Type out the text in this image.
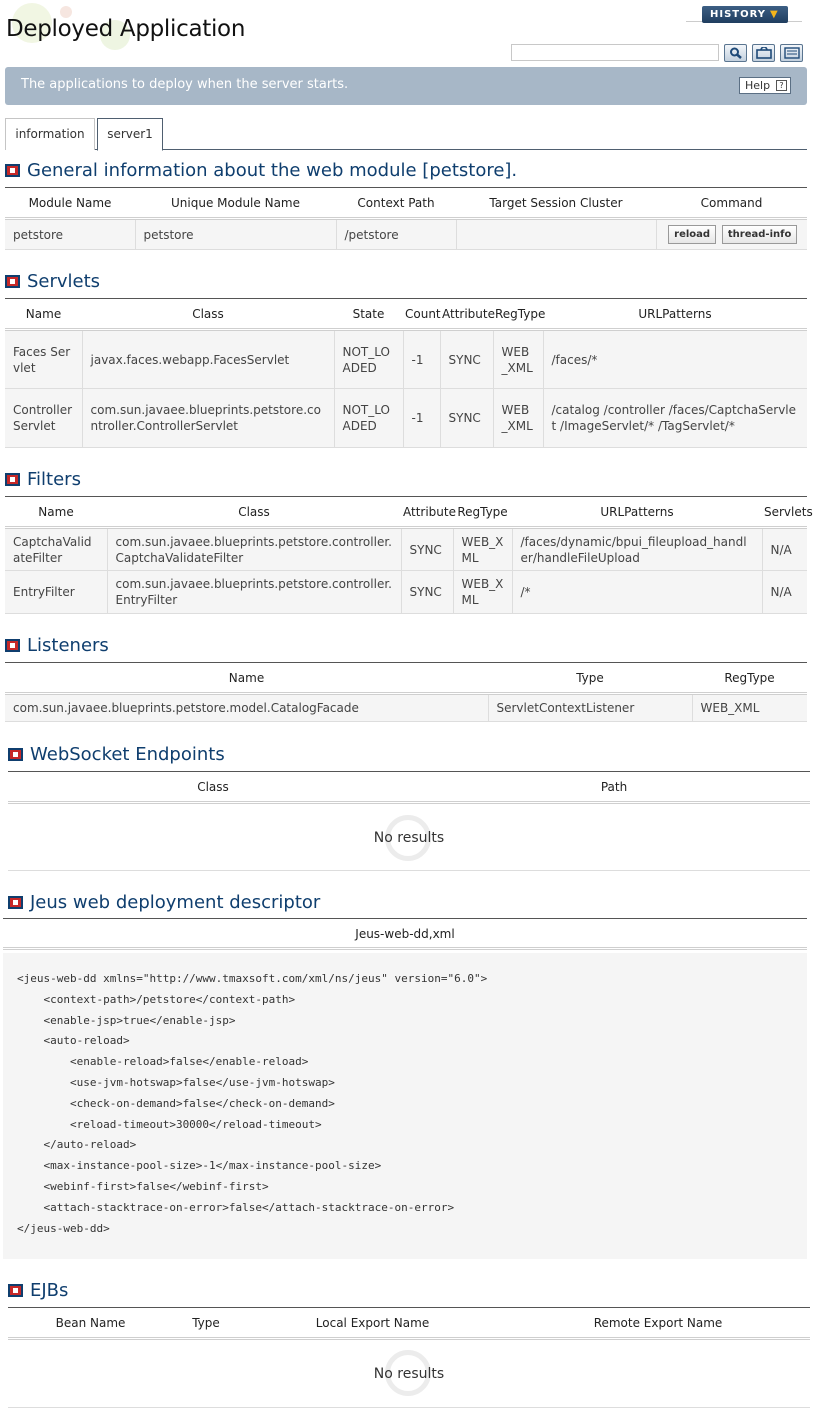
Deployed Application
HISTORY ▼
The applications to deploy when the server starts.	Help	?
information	server1
General information about the web module [petstore].
Module Name	Unique Module Name	Context Path	Target Session Cluster	Command
petstore	petstore	/petstore		reload thread-info
Servlets
Name	Class	State	Count	Attribute	RegType	URLPatterns
Faces Servlet	javax.faces.webapp.FacesServlet	NOT_LOADED	-1	SYNC	WEB_XML	/faces/*
Controller Servlet	com.sun.javaee.blueprints.petstore.controller.ControllerServlet	NOT_LOADED	-1	SYNC	WEB_XML	/catalog /controller /faces/CaptchaServlet /ImageServlet/* /TagServlet/*
Filters
Name	Class	Attribute	RegType	URLPatterns	Servlets
CaptchaValidateFilter	com.sun.javaee.blueprints.petstore.controller.CaptchaValidateFilter	SYNC	WEB_XML	/faces/dynamic/bpui_fileupload_handler/handleFileUpload	N/A
EntryFilter	com.sun.javaee.blueprints.petstore.controller.EntryFilter	SYNC	WEB_XML	/*	N/A
Listeners
Name	Type	RegType
com.sun.javaee.blueprints.petstore.model.CatalogFacade	ServletContextListener	WEB_XML
WebSocket Endpoints
Class	Path
No results
Jeus web deployment descriptor
Jeus-web-dd,xml
<jeus-web-dd xmlns="http://www.tmaxsoft.com/xml/ns/jeus" version="6.0">
<context-path>/petstore</context-path>
<enable-jsp>true</enable-jsp>
<auto-reload>
<enable-reload>false</enable-reload>
<use-jvm-hotswap>false</use-jvm-hotswap>
<check-on-demand>false</check-on-demand>
<reload-timeout>30000</reload-timeout>
</auto-reload>
<max-instance-pool-size>-1</max-instance-pool-size>
<webinf-first>false</webinf-first>
<attach-stacktrace-on-error>false</attach-stacktrace-on-error>
</jeus-web-dd>
EJBs
Bean Name	Type	Local Export Name	Remote Export Name
No results
